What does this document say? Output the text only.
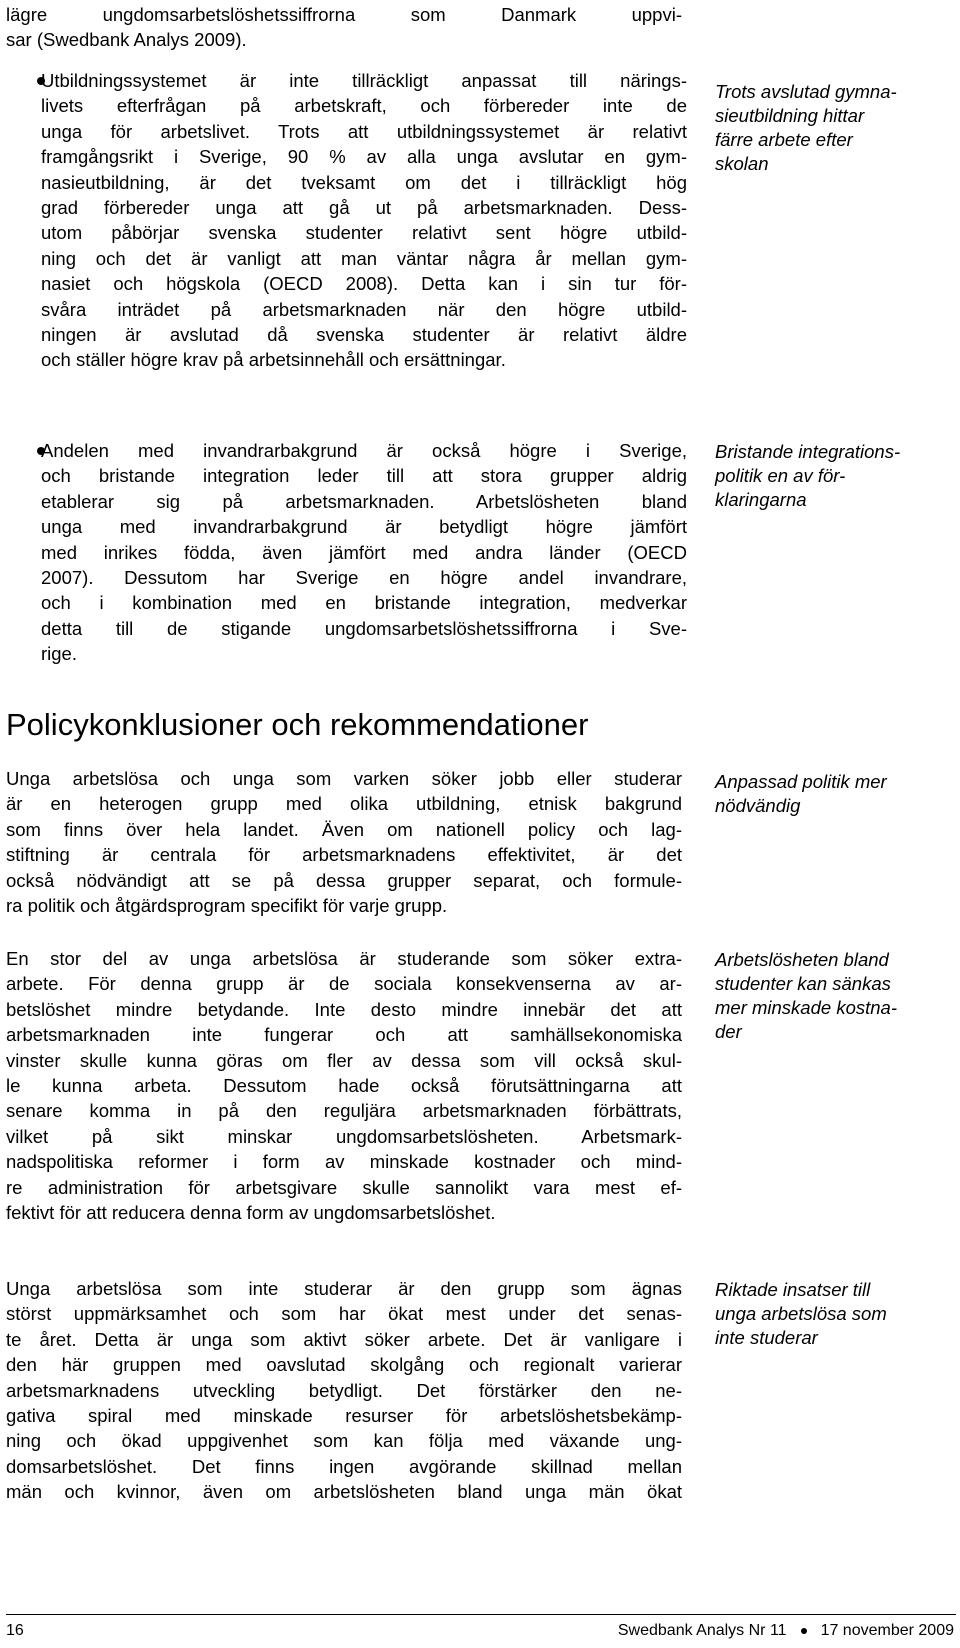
lägre ungdomsarbetslöshetssiffrorna som Danmark uppvi-
sar (Swedbank Analys 2009).
Utbildningssystemet är inte tillräckligt anpassat till närings-
livets efterfrågan på arbetskraft, och förbereder inte de
unga för arbetslivet. Trots att utbildningssystemet är relativt
framgångsrikt i Sverige, 90 % av alla unga avslutar en gym-
nasieutbildning, är det tveksamt om det i tillräckligt hög
grad förbereder unga att gå ut på arbetsmarknaden. Dess-
utom påbörjar svenska studenter relativt sent högre utbild-
ning och det är vanligt att man väntar några år mellan gym-
nasiet och högskola (OECD 2008). Detta kan i sin tur för-
svåra inträdet på arbetsmarknaden när den högre utbild-
ningen är avslutad då svenska studenter är relativt äldre
och ställer högre krav på arbetsinnehåll och ersättningar.
Andelen med invandrarbakgrund är också högre i Sverige,
och bristande integration leder till att stora grupper aldrig
etablerar sig på arbetsmarknaden. Arbetslösheten bland
unga med invandrarbakgrund är betydligt högre jämfört
med inrikes födda, även jämfört med andra länder (OECD
2007). Dessutom har Sverige en högre andel invandrare,
och i kombination med en bristande integration, medverkar
detta till de stigande ungdomsarbetslöshetssiffrorna i Sve-
rige.
Policykonklusioner och rekommendationer
Unga arbetslösa och unga som varken söker jobb eller studerar
är en heterogen grupp med olika utbildning, etnisk bakgrund
som finns över hela landet. Även om nationell policy och lag-
stiftning är centrala för arbetsmarknadens effektivitet, är det
också nödvändigt att se på dessa grupper separat, och formule-
ra politik och åtgärdsprogram specifikt för varje grupp.
En stor del av unga arbetslösa är studerande som söker extra-
arbete. För denna grupp är de sociala konsekvenserna av ar-
betslöshet mindre betydande. Inte desto mindre innebär det att
arbetsmarknaden inte fungerar och att samhällsekonomiska
vinster skulle kunna göras om fler av dessa som vill också skul-
le kunna arbeta. Dessutom hade också förutsättningarna att
senare komma in på den reguljära arbetsmarknaden förbättrats,
vilket på sikt minskar ungdomsarbetslösheten. Arbetsmark-
nadspolitiska reformer i form av minskade kostnader och mind-
re administration för arbetsgivare skulle sannolikt vara mest ef-
fektivt för att reducera denna form av ungdomsarbetslöshet.
Unga arbetslösa som inte studerar är den grupp som ägnas
störst uppmärksamhet och som har ökat mest under det senas-
te året. Detta är unga som aktivt söker arbete. Det är vanligare i
den här gruppen med oavslutad skolgång och regionalt varierar
arbetsmarknadens utveckling betydligt. Det förstärker den ne-
gativa spiral med minskade resurser för arbetslöshetsbekämp-
ning och ökad uppgivenhet som kan följa med växande ung-
domsarbetslöshet. Det finns ingen avgörande skillnad mellan
män och kvinnor, även om arbetslösheten bland unga män ökat
Trots avslutad gymna-
sieutbildning hittar
färre arbete efter
skolan
Bristande integrations-
politik en av för-
klaringarna
Anpassad politik mer
nödvändig
Arbetslösheten bland
studenter kan sänkas
mer minskade kostna-
der
Riktade insatser till
unga arbetslösa som
inte studerar
16	Swedbank Analys Nr 11 17 november 2009
